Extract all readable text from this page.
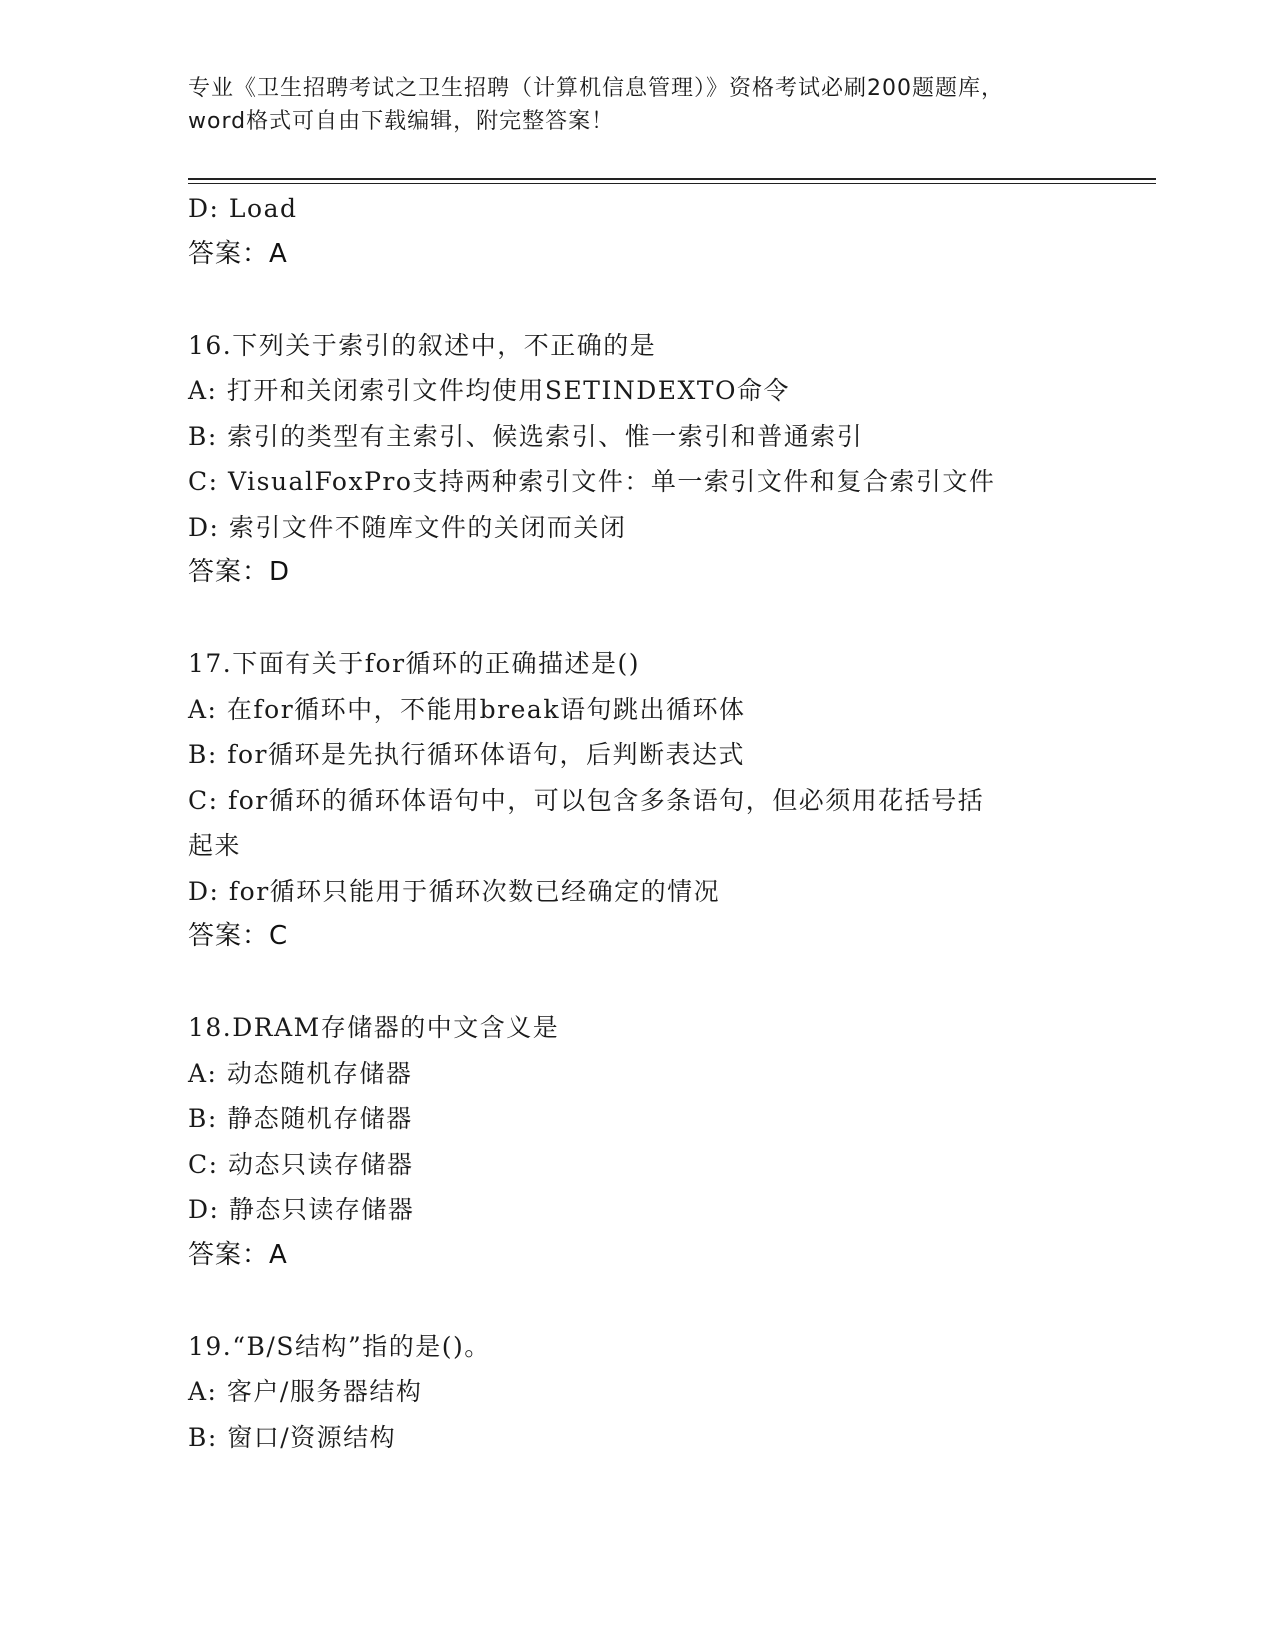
专业《卫生招聘考试之卫生招聘（计算机信息管理）》资格考试必刷200题题库，
word格式可自由下载编辑，附完整答案！
D: Load
答案：A
16.下列关于索引的叙述中，不正确的是
A: 打开和关闭索引文件均使用SETINDEXTO命令
B: 索引的类型有主索引、候选索引、惟一索引和普通索引
C: VisualFoxPro支持两种索引文件：单一索引文件和复合索引文件
D: 索引文件不随库文件的关闭而关闭
答案：D
17.下面有关于for循环的正确描述是()
A: 在for循环中，不能用break语句跳出循环体
B: for循环是先执行循环体语句，后判断表达式
C: for循环的循环体语句中，可以包含多条语句，但必须用花括号括
起来
D: for循环只能用于循环次数已经确定的情况
答案：C
18.DRAM存储器的中文含义是
A: 动态随机存储器
B: 静态随机存储器
C: 动态只读存储器
D: 静态只读存储器
答案：A
19.“B/S结构”指的是()。
A: 客户/服务器结构
B: 窗口/资源结构
